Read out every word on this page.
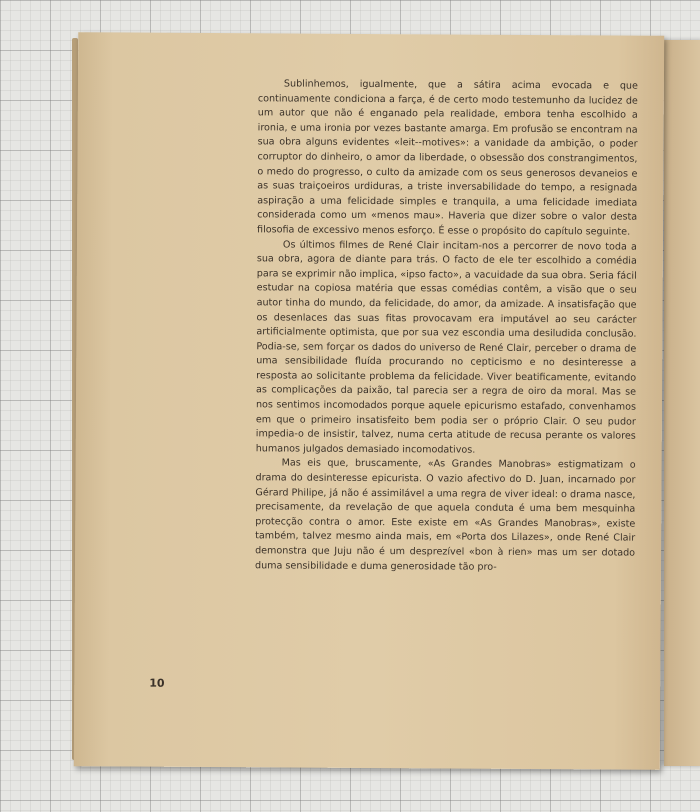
Sublinhemos, igualmente, que a sátira acima evocada e que continuamente condiciona a farça, é de certo modo testemunho da lucidez de um autor que não é enganado pela realidade, embora tenha escolhido a ironia, e uma ironia por vezes bastante amarga. Em profusão se encontram na sua obra alguns evidentes «leit--motives»: a vanidade da ambição, o poder corruptor do dinheiro, o amor da liberdade, o obsessão dos constrangimentos, o medo do progresso, o culto da amizade com os seus generosos devaneios e as suas traiçoeiros urdiduras, a triste inversabilidade do tempo, a resignada aspiração a uma felicidade simples e tranquila, a uma felicidade imediata considerada como um «menos mau». Haveria que dizer sobre o valor desta filosofia de excessivo menos esforço. É esse o propósito do capítulo seguinte.

Os últimos filmes de René Clair incitam-nos a percorrer de novo toda a sua obra, agora de diante para trás. O facto de ele ter escolhido a comédia para se exprimir não implica, «ipso facto», a vacuidade da sua obra. Seria fácil estudar na copiosa matéria que essas comédias contêm, a visão que o seu autor tinha do mundo, da felicidade, do amor, da amizade. A insatisfação que os desenlaces das suas fitas provocavam era imputável ao seu carácter artificialmente optimista, que por sua vez escondia uma desiludida conclusão. Podia-se, sem forçar os dados do universo de René Clair, perceber o drama de uma sensibilidade fluída procurando no cepticismo e no desinteresse a resposta ao solicitante problema da felicidade. Viver beatificamente, evitando as complicações da paixão, tal parecia ser a regra de oiro da moral. Mas se nos sentimos incomodados porque aquele epicurismo estafado, convenhamos em que o primeiro insatisfeito bem podia ser o próprio Clair. O seu pudor impedia-o de insistir, talvez, numa certa atitude de recusa perante os valores humanos julgados demasiado incomodativos.

Mas eis que, bruscamente, «As Grandes Manobras» estigmatizam o drama do desinteresse epicurista. O vazio afectivo do D. Juan, incarnado por Gérard Philipe, já não é assimilável a uma regra de viver ideal: o drama nasce, precisamente, da revelação de que aquela conduta é uma bem mesquinha protecção contra o amor. Este existe em «As Grandes Manobras», existe também, talvez mesmo ainda mais, em «Porta dos Lilazes», onde René Clair demonstra que Juju não é um desprezível «bon à rien» mas um ser dotado duma sensibilidade e duma generosidade tão pro-

10
